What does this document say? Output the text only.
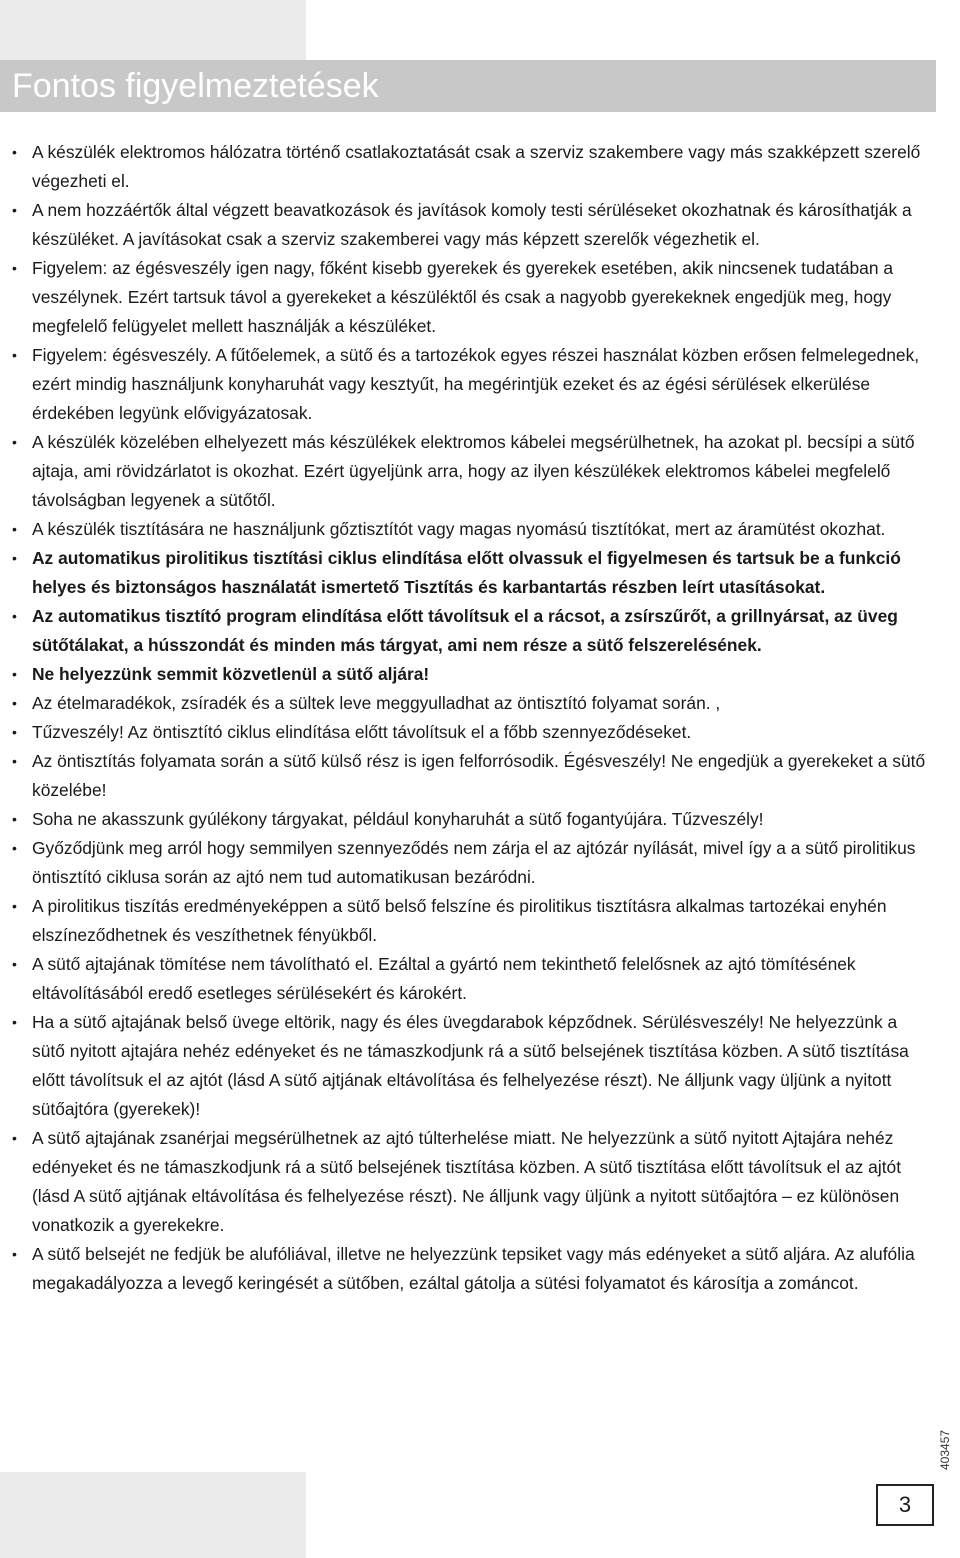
Fontos figyelmeztetések
• A készülék elektromos hálózatra történő csatlakoztatását csak a szerviz szakembere vagy más szakképzett szerelő végezheti el.
• A nem hozzáértők által végzett beavatkozások és javítások komoly testi sérüléseket okozhatnak és károsíthatják a készüléket. A javításokat csak a szerviz szakemberei vagy más képzett szerelők végezhetik el.
• Figyelem: az égésveszély igen nagy, főként kisebb gyerekek és gyerekek esetében, akik nincsenek tudatában a veszélynek. Ezért tartsuk távol a gyerekeket a készüléktől és csak a nagyobb gyerekeknek engedjük meg, hogy megfelelő felügyelet mellett használják a készüléket.
• Figyelem: égésveszély. A fűtőelemek, a sütő és a tartozékok egyes részei használat közben erősen felmelegednek, ezért mindig használjunk konyharuhát vagy kesztyűt, ha megérintjük ezeket és az égési sérülések elkerülése érdekében legyünk elővigyázatosak.
• A készülék közelében elhelyezett más készülékek elektromos kábelei megsérülhetnek, ha azokat pl. becsípi a sütő ajtaja, ami rövidzárlatot is okozhat. Ezért ügyeljünk arra, hogy az ilyen készülékek elektromos kábelei megfelelő távolságban legyenek a sütőtől.
• A készülék tisztítására ne használjunk gőztisztítót vagy magas nyomású tisztítókat, mert az áramütést okozhat.
• Az automatikus pirolitikus tisztítási ciklus elindítása előtt olvassuk el figyelmesen és tartsuk be a funkció helyes és biztonságos használatát ismertető Tisztítás és karbantartás részben leírt utasításokat.
• Az automatikus tisztító program elindítása előtt távolítsuk el a rácsot, a zsírszűrőt, a grillnyársat, az üveg sütőtálakat, a hússzondát és minden más tárgyat, ami nem része a sütő felszerelésének.
• Ne helyezzünk semmit közvetlenül a sütő aljára!
• Az ételmaradékok, zsíradék és a sültek leve meggyulladhat az öntisztító folyamat során. ,
• Tűzveszély! Az öntisztító ciklus elindítása előtt távolítsuk el a főbb szennyeződéseket.
• Az öntisztítás folyamata során a sütő külső rész is igen felforrósodik. Égésveszély! Ne engedjük a gyerekeket a sütő közelébe!
• Soha ne akasszunk gyúlékony tárgyakat, például konyharuhát a sütő fogantyújára. Tűzveszély!
• Győződjünk meg arról hogy semmilyen szennyeződés nem zárja el az ajtózár nyílását, mivel így a a sütő pirolitikus öntisztító ciklusa során az ajtó nem tud automatikusan bezáródni.
• A pirolitikus tiszítás eredményeképpen a sütő belső felszíne és pirolitikus tisztításra alkalmas tartozékai enyhén elszíneződhetnek és veszíthetnek fényükből.
• A sütő ajtajának tömítése nem távolítható el. Ezáltal a gyártó nem tekinthető felelősnek az ajtó tömítésének eltávolításából eredő esetleges sérülésekért és károkért.
• Ha a sütő ajtajának belső üvege eltörik, nagy és éles üvegdarabok képződnek. Sérülésveszély! Ne helyezzünk a sütő nyitott ajtajára nehéz edényeket és ne támaszkodjunk rá a sütő belsejének tisztítása közben. A sütő tisztítása előtt távolítsuk el az ajtót (lásd A sütő ajtjának eltávolítása és felhelyezése részt). Ne álljunk vagy üljünk a nyitott sütőajtóra (gyerekek)!
• A sütő ajtajának zsanérjai megsérülhetnek az ajtó túlterhelése miatt. Ne helyezzünk a sütő nyitott Ajtajára nehéz edényeket és ne támaszkodjunk rá a sütő belsejének tisztítása közben. A sütő tisztítása előtt távolítsuk el az ajtót (lásd A sütő ajtjának eltávolítása és felhelyezése részt). Ne álljunk vagy üljünk a nyitott sütőajtóra – ez különösen vonatkozik a gyerekekre.
• A sütő belsejét ne fedjük be alufóliával, illetve ne helyezzünk tepsiket vagy más edényeket a sütő aljára. Az alufólia megakadályozza a levegő keringését a sütőben, ezáltal gátolja a sütési folyamatot és károsítja a zománcot.
403457
3
